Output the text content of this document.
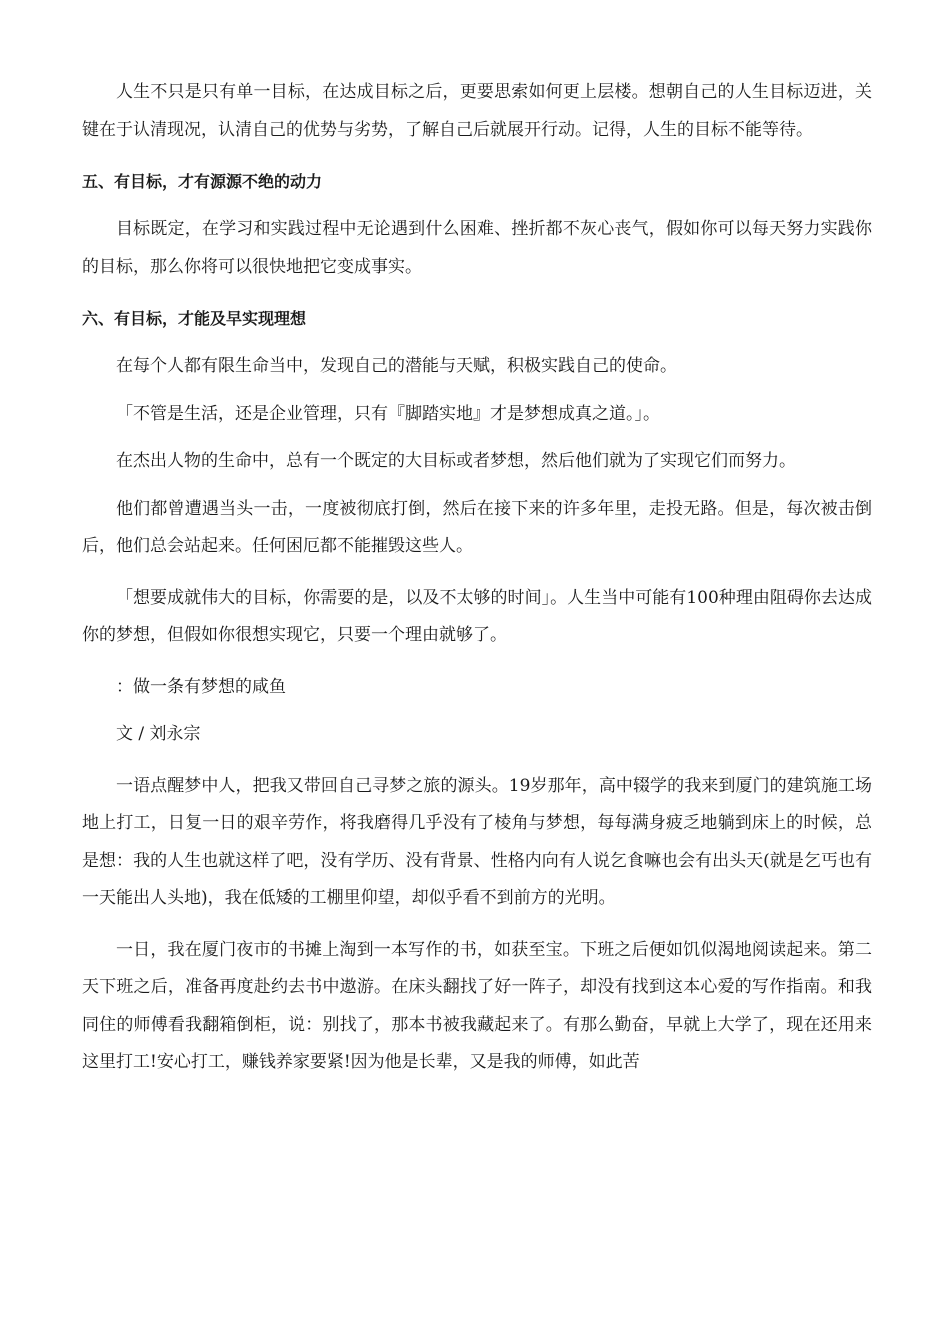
人生不只是只有单一目标，在达成目标之后，更要思索如何更上层楼。想朝自己的人生目标迈进，关键在于认清现况，认清自己的优势与劣势，了解自己后就展开行动。记得，人生的目标不能等待。

五、有目标，才有源源不绝的动力

目标既定，在学习和实践过程中无论遇到什么困难、挫折都不灰心丧气，假如你可以每天努力实践你的目标，那么你将可以很快地把它变成事实。

六、有目标，才能及早实现理想

在每个人都有限生命当中，发现自己的潜能与天赋，积极实践自己的使命。

「不管是生活，还是企业管理，只有『脚踏实地』才是梦想成真之道。」。

在杰出人物的生命中，总有一个既定的大目标或者梦想，然后他们就为了实现它们而努力。

他们都曾遭遇当头一击，一度被彻底打倒，然后在接下来的许多年里，走投无路。但是，每次被击倒后，他们总会站起来。任何困厄都不能摧毁这些人。

「想要成就伟大的目标，你需要的是，以及不太够的时间」。人生当中可能有100种理由阻碍你去达成你的梦想，但假如你很想实现它，只要一个理由就够了。

：做一条有梦想的咸鱼

文 / 刘永宗

一语点醒梦中人，把我又带回自己寻梦之旅的源头。19岁那年，高中辍学的我来到厦门的建筑施工场地上打工，日复一日的艰辛劳作，将我磨得几乎没有了棱角与梦想，每每满身疲乏地躺到床上的时候，总是想：我的人生也就这样了吧，没有学历、没有背景、性格内向有人说乞食嘛也会有出头天(就是乞丐也有一天能出人头地)，我在低矮的工棚里仰望，却似乎看不到前方的光明。

一日，我在厦门夜市的书摊上淘到一本写作的书，如获至宝。下班之后便如饥似渴地阅读起来。第二天下班之后，准备再度赴约去书中遨游。在床头翻找了好一阵子，却没有找到这本心爱的写作指南。和我同住的师傅看我翻箱倒柜，说：别找了，那本书被我藏起来了。有那么勤奋，早就上大学了，现在还用来这里打工!安心打工，赚钱养家要紧!因为他是长辈，又是我的师傅，如此苦
